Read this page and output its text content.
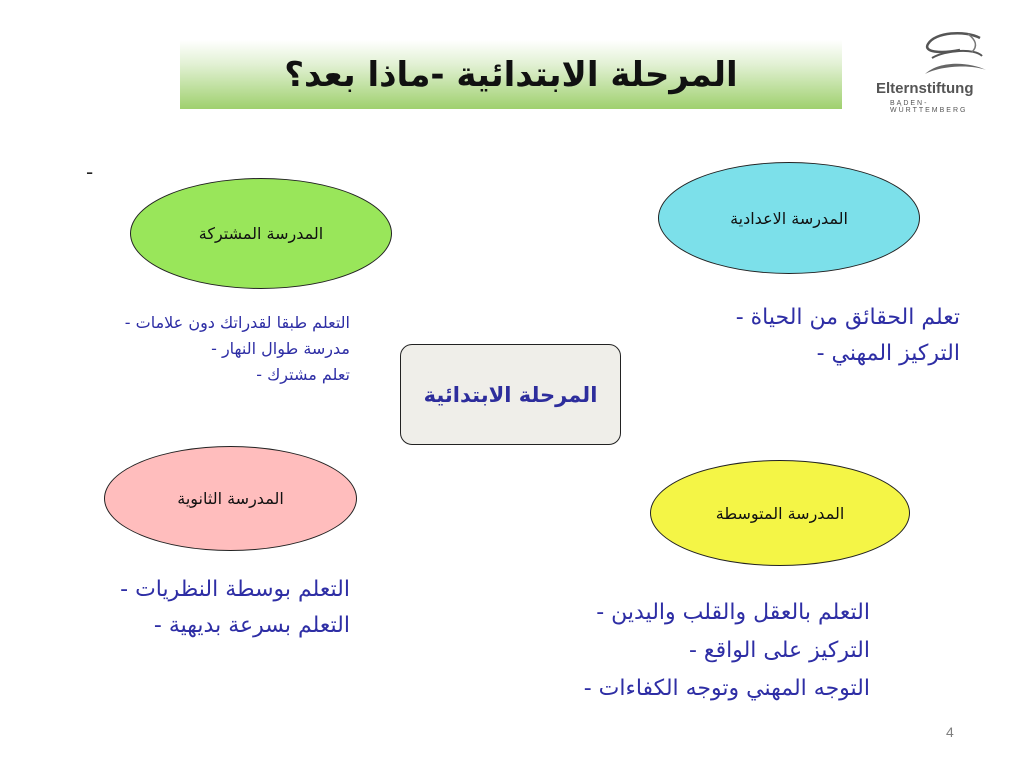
المرحلة الابتدائية -ماذا بعد؟	Elternstiftung
BADEN-WÜRTTEMBERG
-
المدرسة الاعدادية
المدرسة المشتركة
المدرسة الثانوية
المدرسة المتوسطة
المرحلة الابتدائية
تعلم الحقائق من الحياة -
التركيز المهني -
التعلم طبقا لقدراتك دون علامات -
مدرسة طوال النهار -
تعلم مشترك -
التعلم بوسطة النظريات -
التعلم بسرعة بديهية -
التعلم بالعقل والقلب واليدين -
التركيز على الواقع -
التوجه المهني وتوجه الكفاءات -
4
